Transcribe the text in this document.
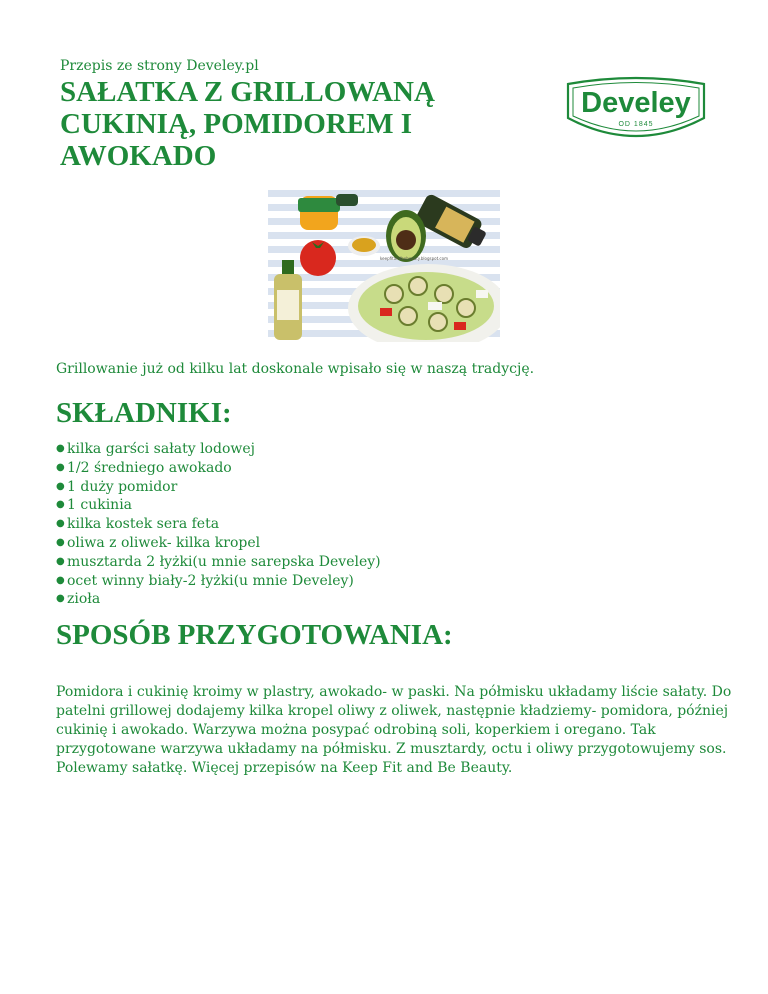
Przepis ze strony Develey.pl
SAŁATKA Z GRILLOWANĄ CUKINIĄ, POMIDOREM I AWOKADO
Develey
OD 1845
keepfitandbebeauty.blogspot.com
Grillowanie już od kilku lat doskonale wpisało się w naszą tradycję.
SKŁADNIKI:
● kilka garści sałaty lodowej
● 1/2 średniego awokado
● 1 duży pomidor
● 1 cukinia
● kilka kostek sera feta
● oliwa z oliwek- kilka kropel
● musztarda 2 łyżki(u mnie sarepska Develey)
● ocet winny biały-2 łyżki(u mnie Develey)
● zioła
SPOSÓB PRZYGOTOWANIA:

Pomidora i cukinię kroimy w plastry, awokado- w paski. Na półmisku układamy liście sałaty. Do patelni grillowej dodajemy kilka kropel oliwy z oliwek, następnie kładziemy- pomidora, później cukinię i awokado. Warzywa można posypać odrobiną soli, koperkiem i oregano. Tak przygotowane warzywa układamy na półmisku. Z musztardy, octu i oliwy przygotowujemy sos. Polewamy sałatkę. Więcej przepisów na Keep Fit and Be Beauty.
